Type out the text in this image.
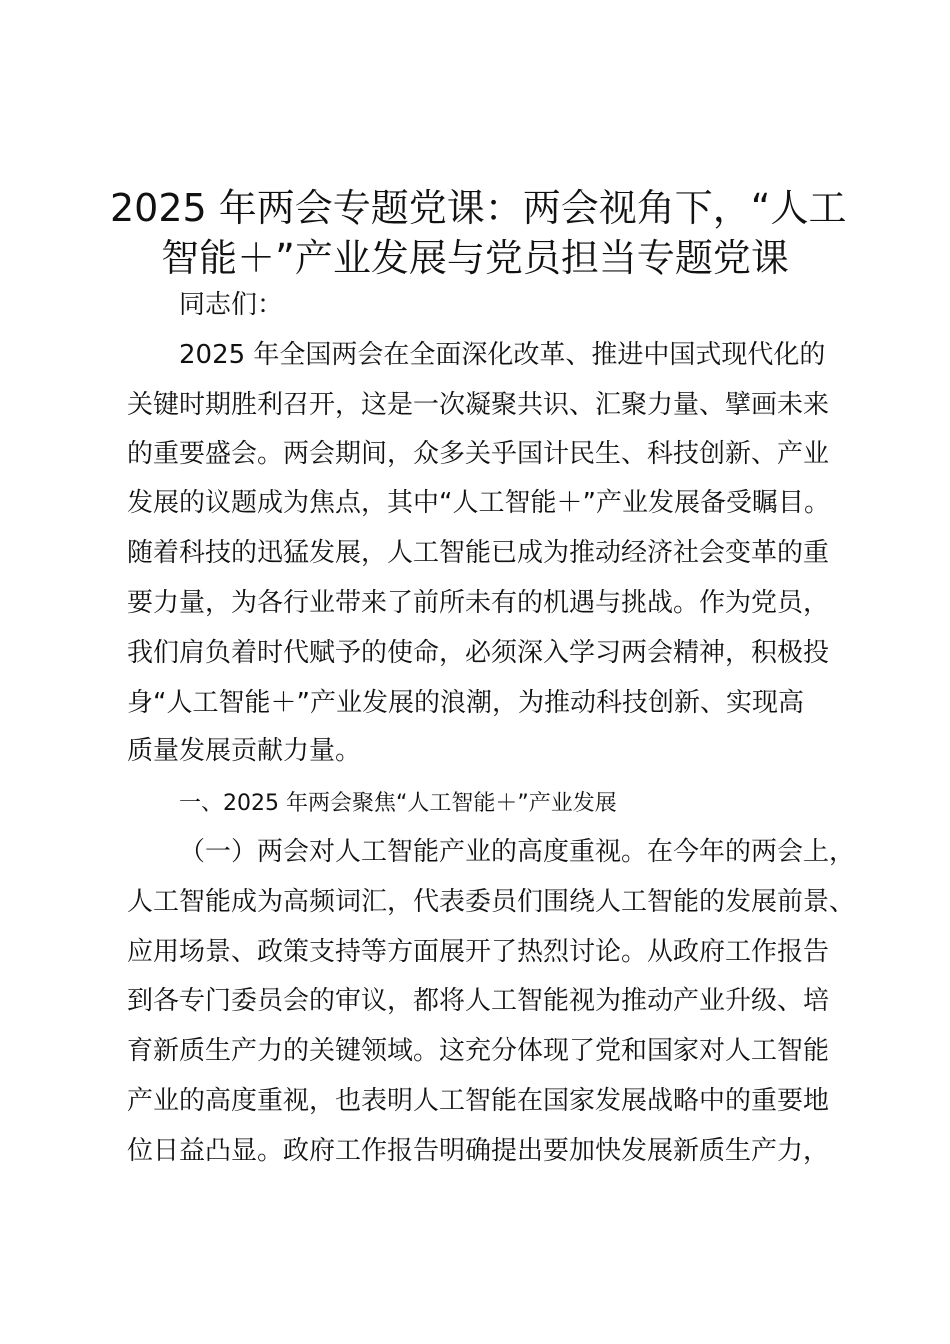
2025 年两会专题党课：两会视角下，“人工
智能＋”产业发展与党员担当专题党课
同志们：
2025 年全国两会在全面深化改革、推进中国式现代化的
关键时期胜利召开，这是一次凝聚共识、汇聚力量、擘画未来
的重要盛会。两会期间，众多关乎国计民生、科技创新、产业
发展的议题成为焦点，其中“人工智能＋”产业发展备受瞩目。
随着科技的迅猛发展，人工智能已成为推动经济社会变革的重
要力量，为各行业带来了前所未有的机遇与挑战。作为党员，
我们肩负着时代赋予的使命，必须深入学习两会精神，积极投
身“人工智能＋”产业发展的浪潮，为推动科技创新、实现高
质量发展贡献力量。
一、2025 年两会聚焦“人工智能＋”产业发展
（一）两会对人工智能产业的高度重视。在今年的两会上，
人工智能成为高频词汇，代表委员们围绕人工智能的发展前景、
应用场景、政策支持等方面展开了热烈讨论。从政府工作报告
到各专门委员会的审议，都将人工智能视为推动产业升级、培
育新质生产力的关键领域。这充分体现了党和国家对人工智能
产业的高度重视，也表明人工智能在国家发展战略中的重要地
位日益凸显。政府工作报告明确提出要加快发展新质生产力，
